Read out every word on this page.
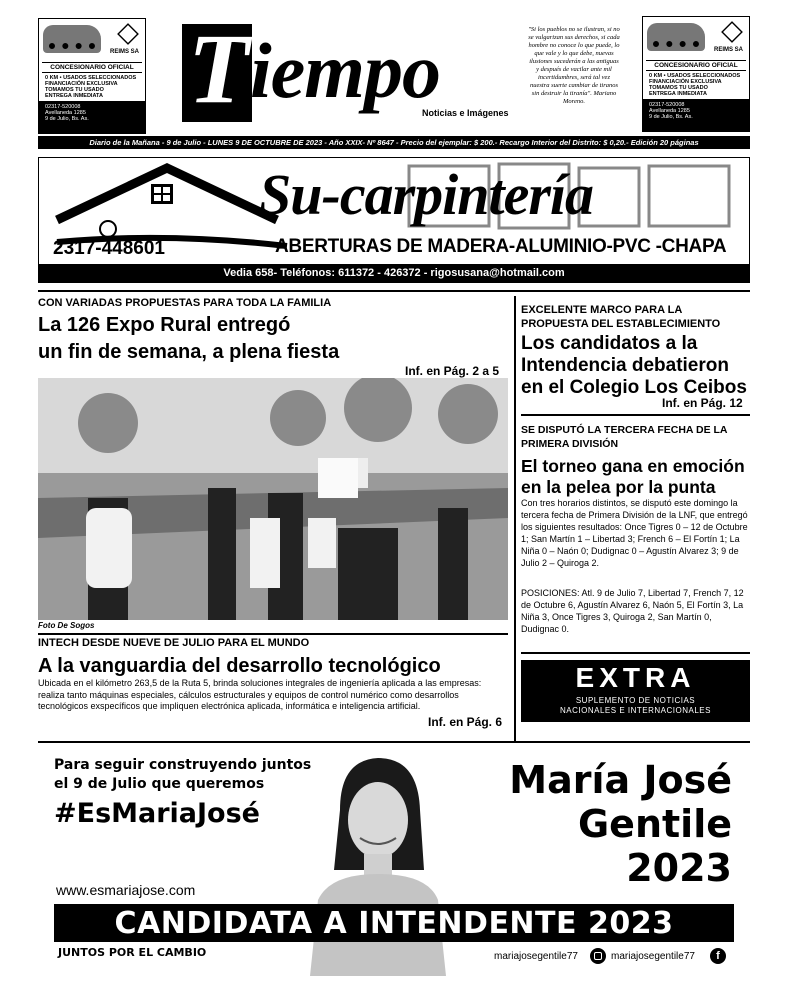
REIMS SA
CONCESIONARIO OFICIAL
0 KM • USADOS SELECCIONADOS
FINANCIACIÓN EXCLUSIVA
TOMAMOS TU USADO
ENTREGA INMEDIATA
02317-520008
Avellaneda 1285
9 de Julio, Bs. As. T iempo
Noticias e Imágenes
"Si los pueblos no se ilustran, si no se vulgarizan sus derechos, si cada hombre no conoce lo que puede, lo que vale y lo que debe, nuevas ilusiones sucederán a las antiguas y después de vacilar ante mil incertidumbres, será tal vez nuestra suerte cambiar de tiranos sin destruir la tiranía". Mariano Moreno.
REIMS SA
CONCESIONARIO OFICIAL
0 KM • USADOS SELECCIONADOS
FINANCIACIÓN EXCLUSIVA
TOMAMOS TU USADO
ENTREGA INMEDIATA
02317-520008
Avellaneda 1285
9 de Julio, Bs. As.
Diario de la Mañana - 9 de Julio - LUNES 9 DE OCTUBRE DE 2023 - Año XXIX- Nº 8647 - Precio del ejemplar: $ 200.- Recargo Interior del Distrito: $ 0,20.- Edición 20 páginas
Su-carpintería
2317-448601	ABERTURAS DE MADERA-ALUMINIO-PVC -CHAPA
Vedia 658- Teléfonos: 611372 - 426372 - rigosusana@hotmail.com
CON VARIADAS PROPUESTAS PARA TODA LA FAMILIA
La 126 Expo Rural entregó
un fin de semana, a plena fiesta
Inf. en Pág. 2 a 5
Foto De Sogos
EXCELENTE MARCO PARA LA
PROPUESTA DEL ESTABLECIMIENTO
Los candidatos a la
Intendencia debatieron
en el Colegio Los Ceibos
Inf. en Pág. 12
SE DISPUTÓ LA TERCERA FECHA DE LA
PRIMERA DIVISIÓN
El torneo gana en emoción
en la pelea por la punta
Con tres horarios distintos, se disputó este domingo la tercera fecha de Primera División de la LNF, que entregó los siguientes resultados: Once Tigres 0 – 12 de Octubre 1; San Martín 1 – Libertad 3; French 6 – El Fortín 1; La Niña 0 – Naón 0; Dudignac 0 – Agustín Alvarez 3; 9 de Julio 2 – Quiroga 2.
POSICIONES: Atl. 9 de Julio 7, Libertad 7, French 7, 12 de Octubre 6, Agustín Alvarez 6, Naón 5, El Fortín 3, La Niña 3, Once Tigres 3, Quiroga 2, San Martín 0, Dudignac 0.
EXTRA
SUPLEMENTO DE NOTICIAS
NACIONALES E INTERNACIONALES
INTECH DESDE NUEVE DE JULIO PARA EL MUNDO
A la vanguardia del desarrollo tecnológico
Ubicada en el kilómetro 263,5 de la Ruta 5, brinda soluciones integrales de ingeniería aplicada a las empresas: realiza tanto máquinas especiales, cálculos estructurales y equipos de control numérico como desarrollos tecnológicos exspecíficos que impliquen electrónica aplicada, informática e inteligencia artificial.
Inf. en Pág. 6
Para seguir construyendo juntos
el 9 de Julio que queremos
#EsMariaJosé
María José
Gentile
2023
www.esmariajose.com
CANDIDATA A INTENDENTE 2023
JUNTOS POR EL CAMBIO	mariajosegentile77	mariajosegentile77	f
